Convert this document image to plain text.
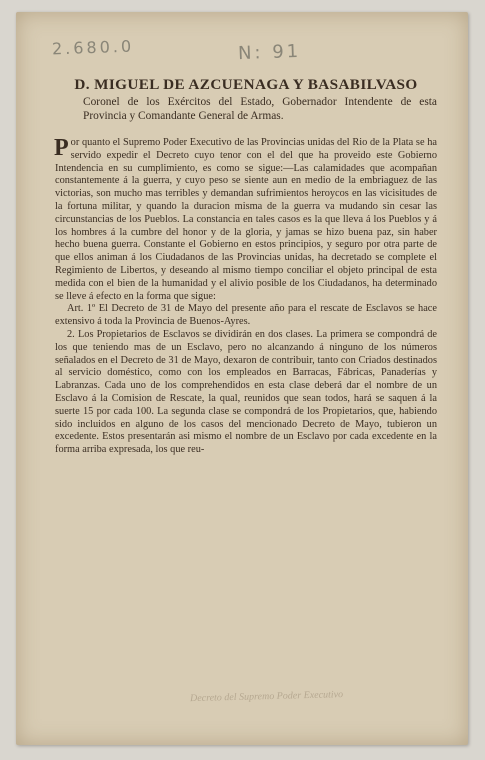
2.680.0	N: 91
D. MIGUEL DE AZCUENAGA Y BASABILVASO
Coronel de los Exércitos del Estado, Gobernador Intendente de esta Provincia y Comandante General de Armas.

Por quanto el Supremo Poder Executivo de las Provincias unidas del Rio de la Plata se ha servido expedir el Decreto cuyo tenor con el del que ha proveido este Gobierno Intendencia en su cumplimiento, es como se sigue:—Las calamidades que acompañan constantemente á la guerra, y cuyo peso se siente aun en medio de la embriaguez de las victorias, son mucho mas terribles y demandan sufrimientos heroycos en las vicisitudes de la fortuna militar, y quando la duracion misma de la guerra va mudando sin cesar las circunstancias de los Pueblos. La constancia en tales casos es la que lleva á los Pueblos y á los hombres á la cumbre del honor y de la gloria, y jamas se hizo buena paz, sin haber hecho buena guerra. Constante el Gobierno en estos principios, y seguro por otra parte de que ellos animan á los Ciudadanos de las Provincias unidas, ha decretado se complete el Regimiento de Libertos, y deseando al mismo tiempo conciliar el objeto principal de esta medida con el bien de la humanidad y el alivio posible de los Ciudadanos, ha determinado se lleve á efecto en la forma que sigue:

Art. 1º El Decreto de 31 de Mayo del presente año para el rescate de Esclavos se hace extensivo á toda la Provincia de Buenos-Ayres.

2. Los Propietarios de Esclavos se dividirán en dos clases. La primera se compondrá de los que teniendo mas de un Esclavo, pero no alcanzando á ninguno de los números señalados en el Decreto de 31 de Mayo, dexaron de contribuir, tanto con Criados destinados al servicio doméstico, como con los empleados en Barracas, Fábricas, Panaderías y Labranzas. Cada uno de los comprehendidos en esta clase deberá dar el nombre de un Esclavo á la Comision de Rescate, la qual, reunidos que sean todos, hará se saquen á la suerte 15 por cada 100. La segunda clase se compondrá de los Propietarios, que, habiendo sido incluidos en alguno de los casos del mencionado Decreto de Mayo, tubieron un excedente. Estos presentarán asi mismo el nombre de un Esclavo por cada excedente en la forma arriba expresada, los que reu-

Decreto del Supremo Poder Executivo
